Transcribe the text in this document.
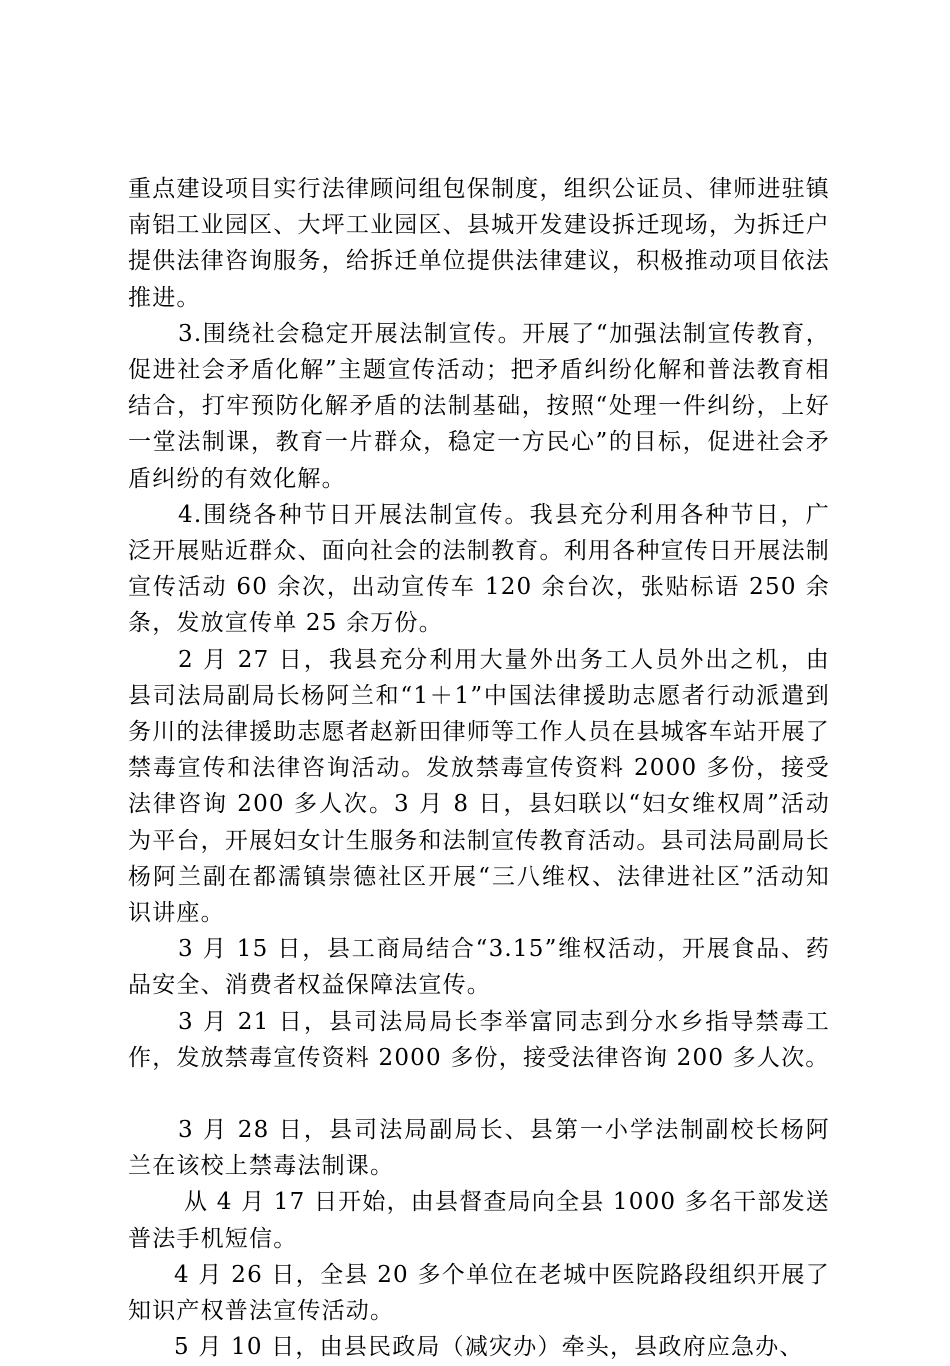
重点建设项目实行法律顾问组包保制度，组织公证员、律师进驻镇南铝工业园区、大坪工业园区、县城开发建设拆迁现场，为拆迁户提供法律咨询服务，给拆迁单位提供法律建议，积极推动项目依法推进。

3.围绕社会稳定开展法制宣传。开展了“加强法制宣传教育，促进社会矛盾化解”主题宣传活动；把矛盾纠纷化解和普法教育相结合，打牢预防化解矛盾的法制基础，按照“处理一件纠纷，上好一堂法制课，教育一片群众，稳定一方民心”的目标，促进社会矛盾纠纷的有效化解。

4.围绕各种节日开展法制宣传。我县充分利用各种节日，广泛开展贴近群众、面向社会的法制教育。利用各种宣传日开展法制宣传活动 60 余次，出动宣传车 120 余台次，张贴标语 250 余条，发放宣传单 25 余万份。

2 月 27 日，我县充分利用大量外出务工人员外出之机，由县司法局副局长杨阿兰和“1＋1”中国法律援助志愿者行动派遣到务川的法律援助志愿者赵新田律师等工作人员在县城客车站开展了禁毒宣传和法律咨询活动。发放禁毒宣传资料 2000 多份，接受法律咨询 200 多人次。3 月 8 日，县妇联以“妇女维权周”活动为平台，开展妇女计生服务和法制宣传教育活动。县司法局副局长杨阿兰副在都濡镇崇德社区开展“三八维权、法律进社区”活动知识讲座。

3 月 15 日，县工商局结合“3.15”维权活动，开展食品、药品安全、消费者权益保障法宣传。

3 月 21 日，县司法局局长李举富同志到分水乡指导禁毒工作，发放禁毒宣传资料 2000 多份，接受法律咨询 200 多人次。

3 月 28 日，县司法局副局长、县第一小学法制副校长杨阿兰在该校上禁毒法制课。

从 4 月 17 日开始，由县督查局向全县 1000 多名干部发送普法手机短信。

4 月 26 日，全县 20 多个单位在老城中医院路段组织开展了知识产权普法宣传活动。

5 月 10 日，由县民政局（减灾办）牵头，县政府应急办、
